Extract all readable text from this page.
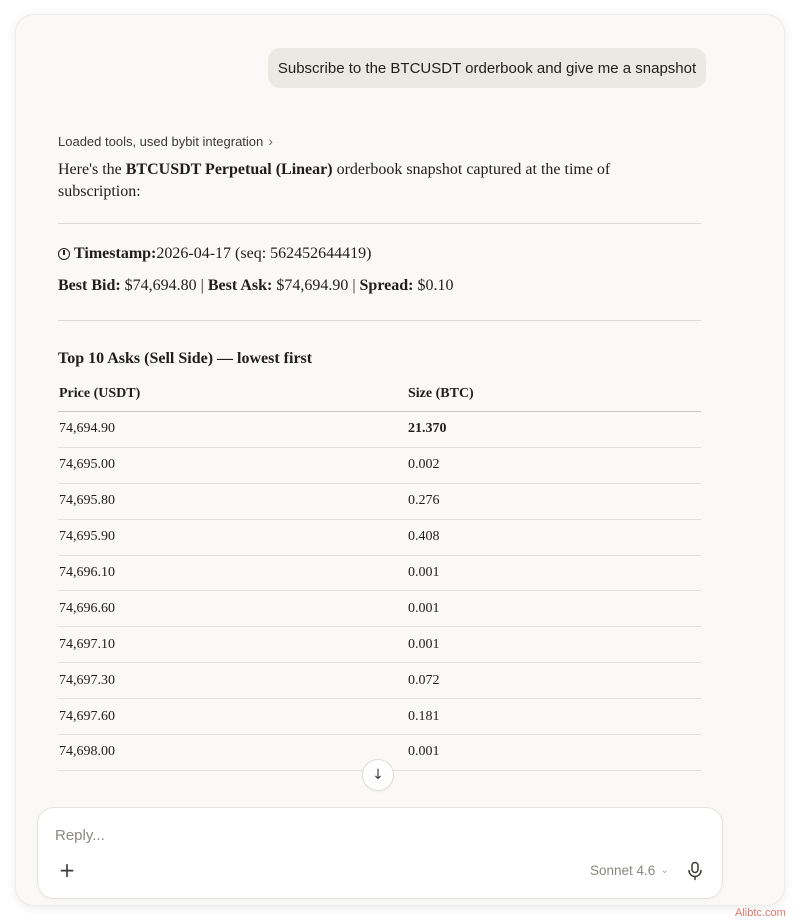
Subscribe to the BTCUSDT orderbook and give me a snapshot
Loaded tools, used bybit integration ›
Here's the BTCUSDT Perpetual (Linear) orderbook snapshot captured at the time of subscription:
Timestamp: 2026-04-17 (seq: 562452644419)
Best Bid: $74,694.80 | Best Ask: $74,694.90 | Spread: $0.10
Top 10 Asks (Sell Side) — lowest first
Price (USDT)	Size (BTC)
74,694.90	21.370
74,695.00	0.002
74,695.80	0.276
74,695.90	0.408
74,696.10	0.001
74,696.60	0.001
74,697.10	0.001
74,697.30	0.072
74,697.60	0.181
74,698.00	0.001
↓
Reply...
+	Sonnet 4.6 ⌄
Alibtc.com
